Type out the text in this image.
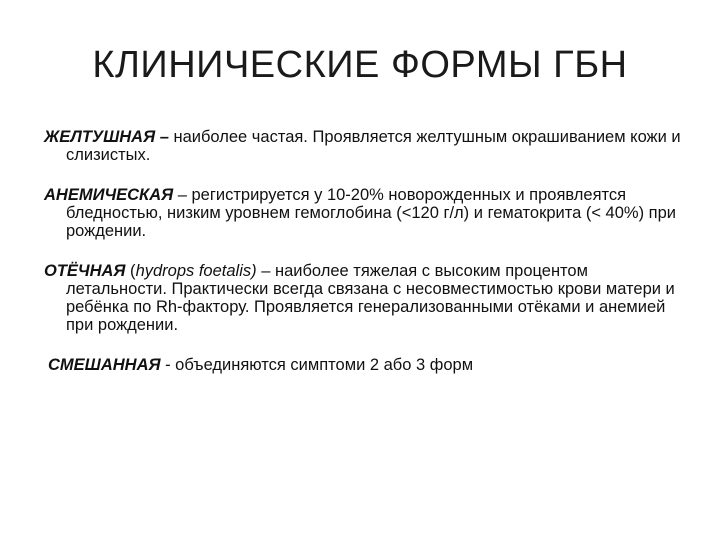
КЛИНИЧЕСКИЕ ФОРМЫ ГБН

ЖЕЛТУШНАЯ – наиболее частая. Проявляется желтушным окрашиванием кожи и слизистых.

АНЕМИЧЕСКАЯ – регистрируется у 10-20% новорожденных и проявлеятся бледностью, низким уровнем гемоглобина (<120 г/л) и гематокрита (< 40%) при рождении.

ОТЁЧНАЯ (hydrops foetalis) – наиболее тяжелая с высоким процентом летальности. Практически всегда связана с несовместимостью крови матери и ребёнка по Rh-фактору. Проявляется генерализованными отёками и анемией при рождении.

СМЕШАННАЯ - объединяются симптоми 2 або 3 форм
